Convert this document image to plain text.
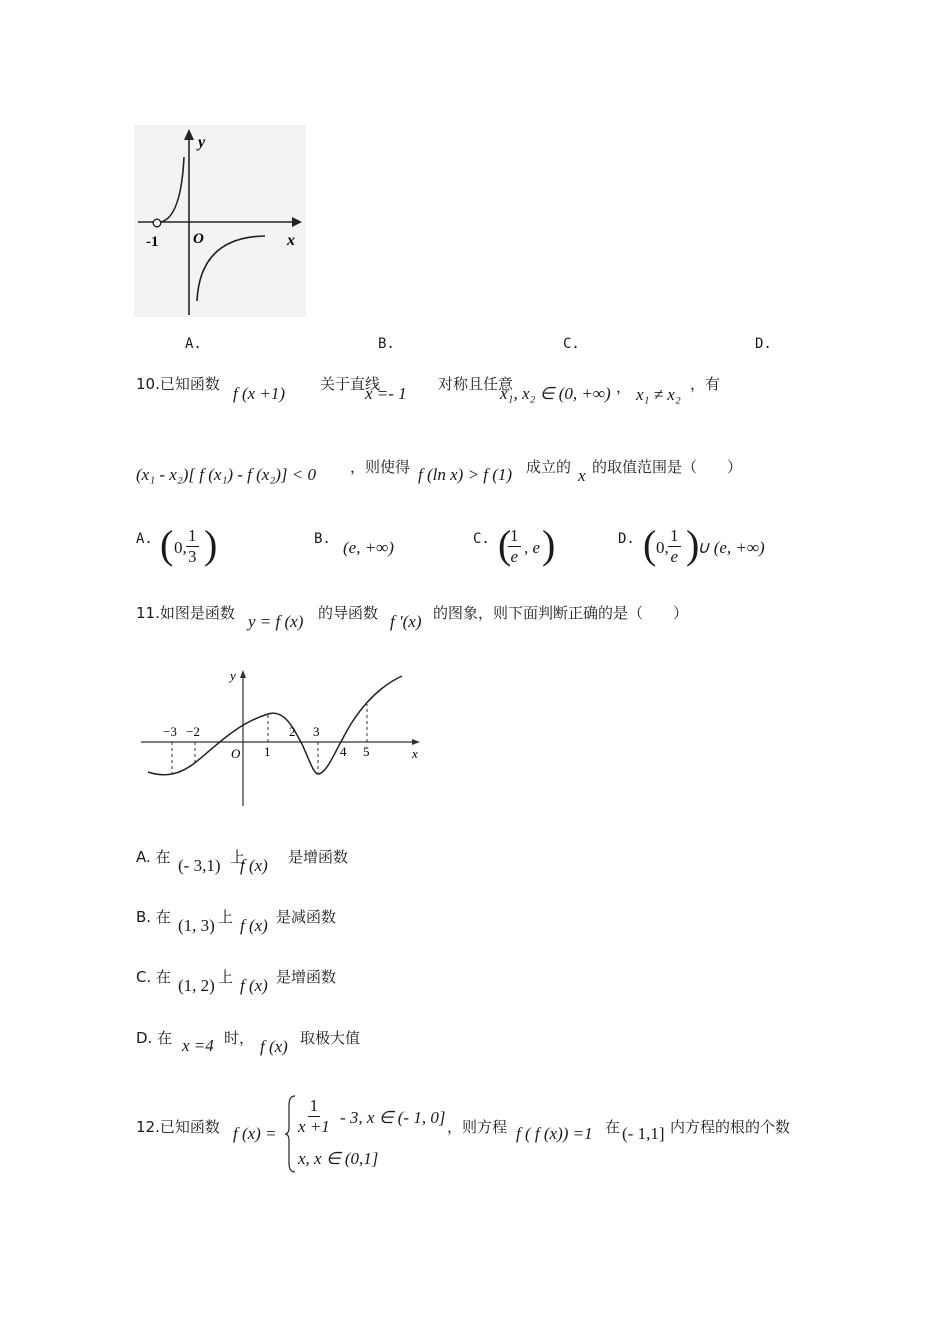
y
x
O
-1
A.	B.	C.	D.
10.已知函数 f (x +1) 关于直线
x =- 1 对称且任意
x₁, x₂ ∈ (0, +∞) ， x₁ ≠ x₂
，有
(x₁ - x₂)[ f (x₁) - f (x₂)] < 0 ，则使得 f (ln x) > f (1) 成立的 x 的取值范围是（　　）
A. ( 0, $\frac{1}{3}$ )	B. (e, +∞)	C. (
$\frac{1}{e}$ , e )	D. ( 0, $\frac{1}{e}$ )
∪ (e, +∞)
11.如图是函数 y = f (x) 的导函数 f '(x) 的图象，则下面判断正确的是（　　）
y
x
O
−3 −2
1
2 3
4 5
A. 在 (- 3,1) 上
f (x) 是增函数
B. 在 (1, 3) 上 f (x) 是减函数
C. 在 (1, 2) 上 f (x) 是增函数
D. 在 x =4 时， f (x) 取极大值
12.已知函数 f $(x) = \frac{1}{x +1} - 3$, x ∈ (- 1, 0]
x, x ∈ (0,1]
，则方程 f ( f (x)) =1 在 (- 1,1] 内方程的根的个数
